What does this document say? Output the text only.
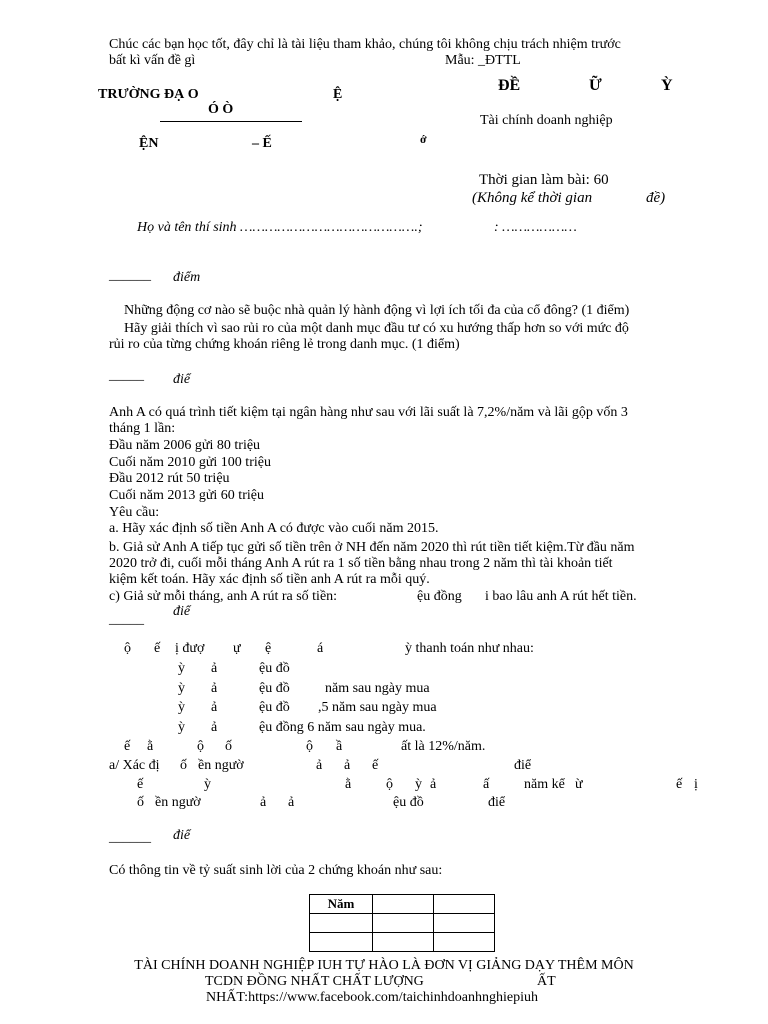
Chúc các bạn học tốt, đây chỉ là tài liệu tham khảo, chúng tôi không chịu trách nhiệm trước
bất kì vấn đề gì	Mẫu: _ĐTTL
TRƯỜNG ĐẠ O	Ệ
Ó Ò
ĐỀ	Ữ	Ỳ
Tài chính doanh nghiệp
ỆN	– Ế	ớ
Thời gian làm bài: 60
(Không kể thời gian	đề)
Họ và tên thí sinh …………………………………….;	: ………………
______ điểm
Những động cơ nào sẽ buộc nhà quản lý hành động vì lợi ích tối đa của cổ đông? (1 điểm)
Hãy giải thích vì sao rủi ro của một danh mục đầu tư có xu hướng thấp hơn so với mức độ
rủi ro của từng chứng khoán riêng lẻ trong danh mục. (1 điểm)
_____ điể
Anh A có quá trình tiết kiệm tại ngân hàng như sau với lãi suất là 7,2%/năm và lãi gộp vốn 3
tháng 1 lần:
Đầu năm 2006 gửi 80 triệu
Cuối năm 2010 gửi 100 triệu
Đầu 2012 rút 50 triệu
Cuối năm 2013 gửi 60 triệu
Yêu cầu:
a. Hãy xác định số tiền Anh A có được vào cuối năm 2015.
b. Giả sử Anh A tiếp tục gửi số tiền trên ở NH đến năm 2020 thì rút tiền tiết kiệm.Từ đầu năm
2020 trở đi, cuối mỗi tháng Anh A rút ra 1 số tiền bằng nhau trong 2 năm thì tài khoản tiết
kiệm kết toán. Hãy xác định số tiền anh A rút ra mỗi quý.
c) Giả sử mỗi tháng, anh A rút ra số tiền:	ệu đồng i bao lâu anh A rút hết tiền.
điể
_____
ộ ế ị đượ ự ệ	á	ỳ thanh toán như nhau:
ỳ ả	ệu đồ
ỳ ả	ệu đồ	năm sau ngày mua
ỳ ả	ệu đồ ,5 năm sau ngày mua
ỳ ả	ệu đồng 6 năm sau ngày mua.
ế ằ	ộ ố	ộ ầ	ất là 12%/năm.
a/ Xác đị ố ền ngườ	ả ả ế	điể
ế	ỳ	ằ ộ ỳ ả	ấ năm kể ừ	ế ị
ố ền ngườ	ả ả	ệu đồ	điể
______ điể
Có thông tin về tỷ suất sinh lời của 2 chứng khoán như sau:
Năm		

TÀI CHÍNH DOANH NGHIỆP IUH TỰ HÀO LÀ ĐƠN VỊ GIẢNG DẠY THÊM MÔN
TCDN ĐỒNG NHẤT CHẤT LƯỢNG	ẤT
NHẤT:https://www.facebook.com/taichinhdoanhnghiepiuh
